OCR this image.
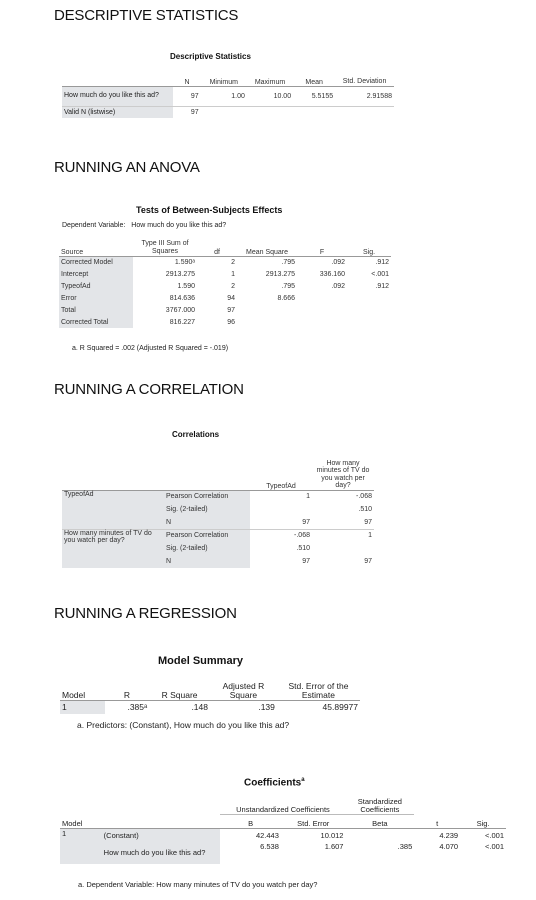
DESCRIPTIVE STATISTICS
Descriptive Statistics
	N	Minimum	Maximum	Mean	Std. Deviation
How much do you like this ad?	97	1.00	10.00	5.5155	2.91588
Valid N (listwise)	97				
RUNNING AN ANOVA
Tests of Between-Subjects Effects
Dependent Variable: How much do you like this ad?
Source	Type III Sum of Squares	df	Mean Square	F	Sig.
Corrected Model	1.590ᵃ	2	.795	.092	.912
Intercept	2913.275	1	2913.275	336.160	<.001
TypeofAd	1.590	2	.795	.092	.912
Error	814.636	94	8.666		
Total	3767.000	97			
Corrected Total	816.227	96			
a. R Squared = .002 (Adjusted R Squared = -.019)
RUNNING A CORRELATION
Correlations
		TypeofAd	How many minutes of TV do you watch per day?
TypeofAd	Pearson Correlation	1	-.068
	Sig. (2-tailed)		.510
	N	97	97
How many minutes of TV do you watch per day?	Pearson Correlation	-.068	1
	Sig. (2-tailed)	.510	
	N	97	97
RUNNING A REGRESSION
Model Summary
Model	R	R Square	Adjusted R Square	Std. Error of the Estimate
1	.385ᵃ	.148	.139	45.89977
a. Predictors: (Constant), How much do you like this ad?
Coefficients$^a$
		Unstandardized Coefficients		Standardized Coefficients		
Model		B	Std. Error	Beta	t	Sig.
1	(Constant)	42.443	10.012		4.239	<.001
	How much do you like this ad?	6.538	1.607	.385	4.070	<.001
a. Dependent Variable: How many minutes of TV do you watch per day?
